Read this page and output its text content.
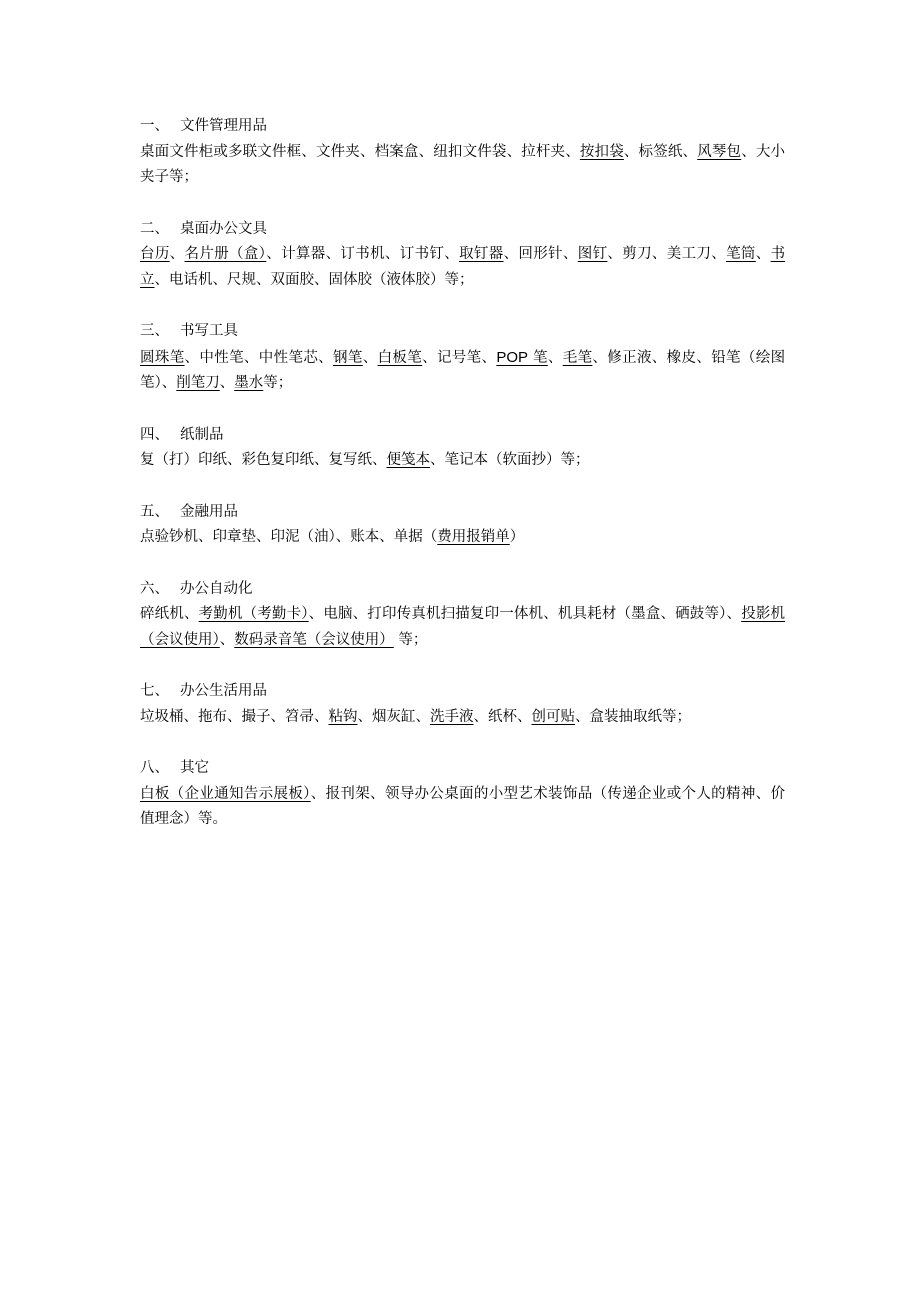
一、 文件管理用品
桌面文件柜或多联文件框、文件夹、档案盒、纽扣文件袋、拉杆夹、按扣袋、标签纸、风琴包、大小夹子等；
二、 桌面办公文具
台历、名片册（盒）、计算器、订书机、订书钉、取钉器、回形针、图钉、剪刀、美工刀、笔筒、书立、电话机、尺规、双面胶、固体胶（液体胶）等；
三、 书写工具
圆珠笔、中性笔、中性笔芯、钢笔、白板笔、记号笔、POP 笔、毛笔、修正液、橡皮、铅笔（绘图笔）、削笔刀、墨水等；
四、 纸制品
复（打）印纸、彩色复印纸、复写纸、便笺本、笔记本（软面抄）等；
五、 金融用品
点验钞机、印章垫、印泥（油）、账本、单据（费用报销单）
六、 办公自动化
碎纸机、考勤机（考勤卡）、电脑、打印传真机扫描复印一体机、机具耗材（墨盒、硒鼓等）、投影机（会议使用）、数码录音笔（会议使用） 等；
七、 办公生活用品
垃圾桶、拖布、撮子、笤帚、粘钩、烟灰缸、洗手液、纸杯、创可贴、盒装抽取纸等；
八、 其它
白板（企业通知告示展板）、报刊架、领导办公桌面的小型艺术装饰品（传递企业或个人的精神、价值理念）等。
